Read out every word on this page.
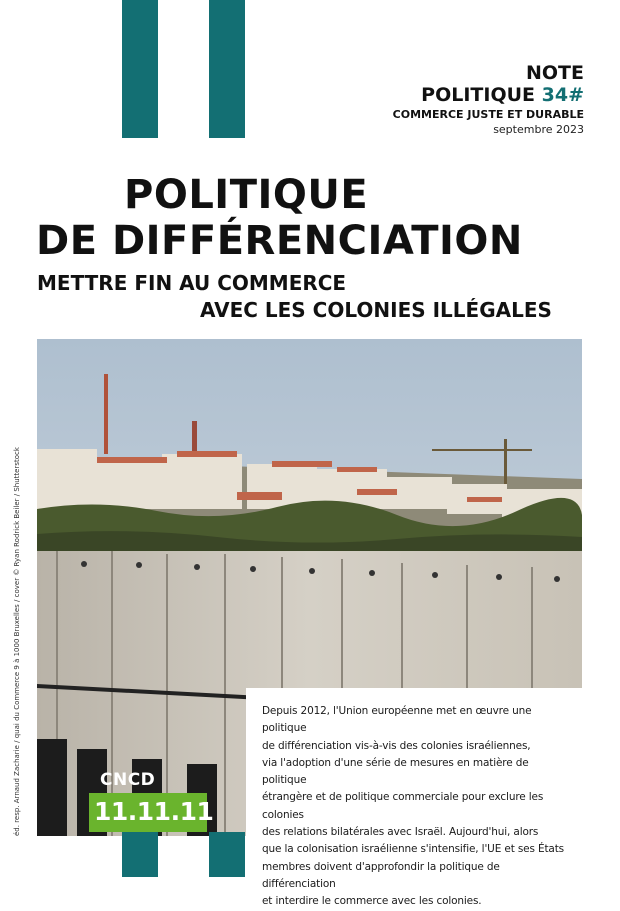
NOTE
POLITIQUE 34#
COMMERCE JUSTE ET DURABLE
septembre 2023
POLITIQUE
DE DIFFÉRENCIATION
METTRE FIN AU COMMERCE
AVEC LES COLONIES ILLÉGALES
éd. resp. Arnaud Zacharie / quai du Commerce 9 à 1000 Bruxelles / cover © Ryan Rodrick Beiler / Shutterstock	Depuis 2012, l'Union européenne met en œuvre une politique

de différenciation vis-à-vis des colonies israéliennes,

via l'adoption d'une série de mesures en matière de politique

étrangère et de politique commerciale pour exclure les colonies

des relations bilatérales avec Israël. Aujourd'hui, alors

que la colonisation israélienne s'intensifie, l'UE et ses États

membres doivent d'approfondir la politique de différenciation

et interdire le commerce avec les colonies.

CNCD
11.11.11
